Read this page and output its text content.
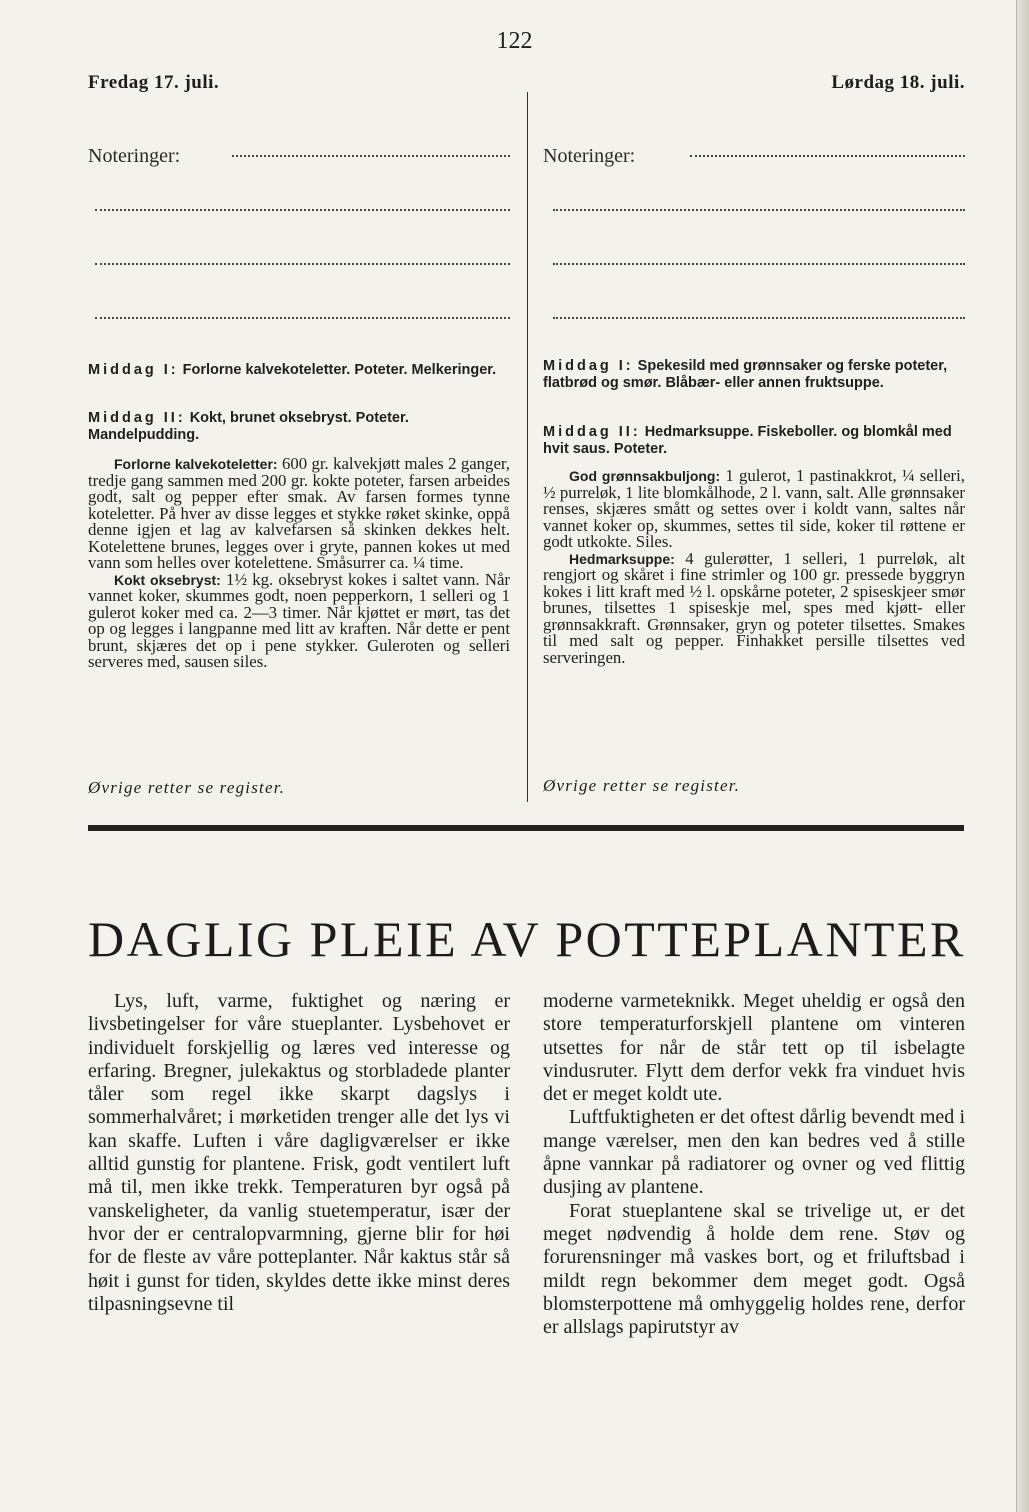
122
Fredag 17. juli.
Noteringer:
Middag I: Forlorne kalvekoteletter. Poteter. Melkeringer.
Middag II: Kokt, brunet oksebryst. Poteter. Mandelpudding.

Forlorne kalvekoteletter: 600 gr. kalvekjøtt males 2 ganger, tredje gang sammen med 200 gr. kokte poteter, farsen arbeides godt, salt og pepper efter smak. Av farsen formes tynne koteletter. På hver av disse legges et stykke røket skinke, oppå denne igjen et lag av kalvefarsen så skinken dekkes helt. Kotelettene brunes, legges over i gryte, pannen kokes ut med vann som helles over kotelettene. Småsurrer ca. ¼ time.

Kokt oksebryst: 1½ kg. oksebryst kokes i saltet vann. Når vannet koker, skummes godt, noen pepperkorn, 1 selleri og 1 gulerot koker med ca. 2—3 timer. Når kjøttet er mørt, tas det op og legges i langpanne med litt av kraften. Når dette er pent brunt, skjæres det op i pene stykker. Guleroten og selleri serveres med, sausen siles.

Øvrige retter se register.
Lørdag 18. juli.
Noteringer:
Middag I: Spekesild med grønnsaker og ferske poteter, flatbrød og smør. Blåbær- eller annen fruktsuppe.
Middag II: Hedmarksuppe. Fiskeboller. og blomkål med hvit saus. Poteter.

God grønnsakbuljong: 1 gulerot, 1 pastinakkrot, ¼ selleri, ½ purreløk, 1 lite blomkålhode, 2 l. vann, salt. Alle grønnsaker renses, skjæres smått og settes over i koldt vann, saltes når vannet koker op, skummes, settes til side, koker til røttene er godt utkokte. Siles.

Hedmarksuppe: 4 gulerøtter, 1 selleri, 1 purreløk, alt rengjort og skåret i fine strimler og 100 gr. pressede byggryn kokes i litt kraft med ½ l. opskårne poteter, 2 spiseskjeer smør brunes, tilsettes 1 spiseskje mel, spes med kjøtt- eller grønnsakkraft. Grønnsaker, gryn og poteter tilsettes. Smakes til med salt og pepper. Finhakket persille tilsettes ved serveringen.

Øvrige retter se register.
DAGLIG PLEIE AV POTTEPLANTER

Lys, luft, varme, fuktighet og næring er livsbetingelser for våre stueplanter. Lysbehovet er individuelt forskjellig og læres ved interesse og erfaring. Bregner, julekaktus og storbladede planter tåler som regel ikke skarpt dagslys i sommerhalvåret; i mørketiden trenger alle det lys vi kan skaffe. Luften i våre dagligværelser er ikke alltid gunstig for plantene. Frisk, godt ventilert luft må til, men ikke trekk. Temperaturen byr også på vanskeligheter, da vanlig stuetemperatur, især der hvor der er centralopvarmning, gjerne blir for høi for de fleste av våre potteplanter. Når kaktus står så høit i gunst for tiden, skyldes dette ikke minst deres tilpasningsevne til

moderne varmeteknikk. Meget uheldig er også den store temperaturforskjell plantene om vinteren utsettes for når de står tett op til isbelagte vindusruter. Flytt dem derfor vekk fra vinduet hvis det er meget koldt ute.

Luftfuktigheten er det oftest dårlig bevendt med i mange værelser, men den kan bedres ved å stille åpne vannkar på radiatorer og ovner og ved flittig dusjing av plantene.

Forat stueplantene skal se trivelige ut, er det meget nødvendig å holde dem rene. Støv og forurensninger må vaskes bort, og et friluftsbad i mildt regn bekommer dem meget godt. Også blomsterpottene må omhyggelig holdes rene, derfor er allslags papirutstyr av
